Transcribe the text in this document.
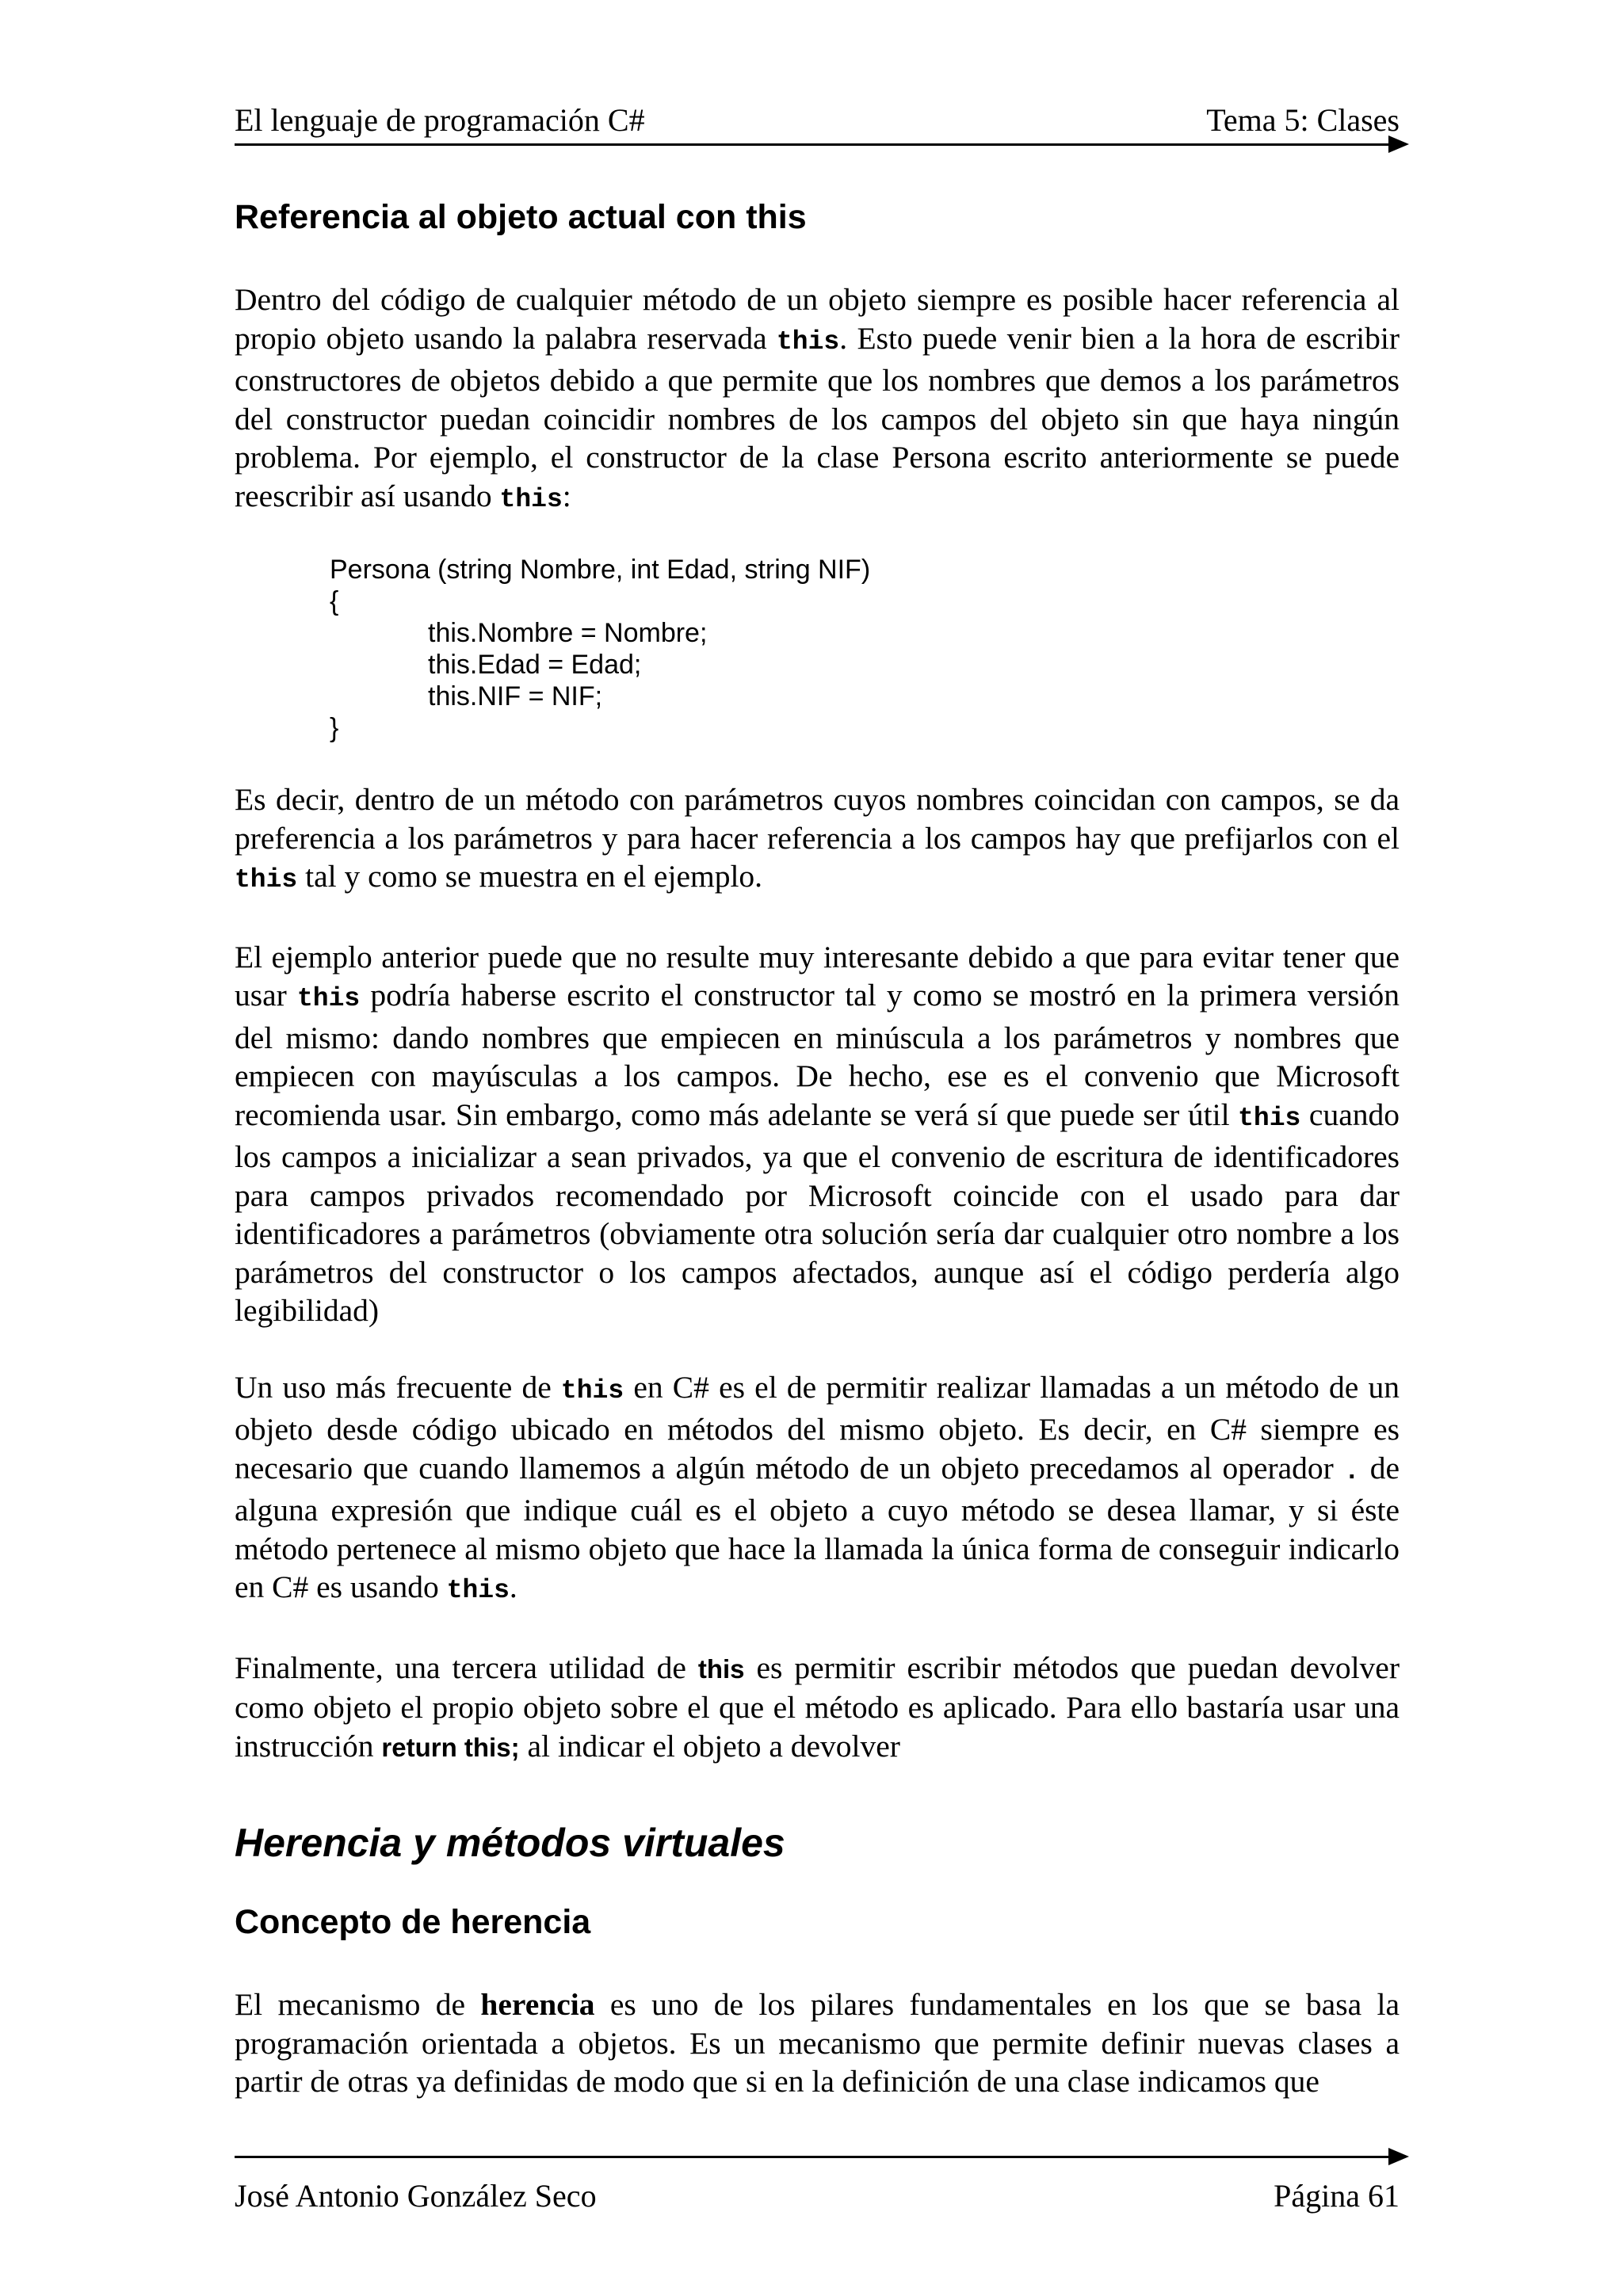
El lenguaje de programación C#	Tema 5: Clases
Referencia al objeto actual con this

Dentro del código de cualquier método de un objeto siempre es posible hacer referencia al propio objeto usando la palabra reservada this. Esto puede venir bien a la hora de escribir constructores de objetos debido a que permite que los nombres que demos a los parámetros del constructor puedan coincidir nombres de los campos del objeto sin que haya ningún problema. Por ejemplo, el constructor de la clase Persona escrito anteriormente se puede reescribir así usando this:

Persona (string Nombre, int Edad, string NIF)
{
this.Nombre = Nombre;
this.Edad = Edad;
this.NIF = NIF;
}

Es decir, dentro de un método con parámetros cuyos nombres coincidan con campos, se da preferencia a los parámetros y para hacer referencia a los campos hay que prefijarlos con el this tal y como se muestra en el ejemplo.

El ejemplo anterior puede que no resulte muy interesante debido a que para evitar tener que usar this podría haberse escrito el constructor tal y como se mostró en la primera versión del mismo: dando nombres que empiecen en minúscula a los parámetros y nombres que empiecen con mayúsculas a los campos. De hecho, ese es el convenio que Microsoft recomienda usar. Sin embargo, como más adelante se verá sí que puede ser útil this cuando los campos a inicializar a sean privados, ya que el convenio de escritura de identificadores para campos privados recomendado por Microsoft coincide con el usado para dar identificadores a parámetros (obviamente otra solución sería dar cualquier otro nombre a los parámetros del constructor o los campos afectados, aunque así el código perdería algo legibilidad)

Un uso más frecuente de this en C# es el de permitir realizar llamadas a un método de un objeto desde código ubicado en métodos del mismo objeto. Es decir, en C# siempre es necesario que cuando llamemos a algún método de un objeto precedamos al operador . de alguna expresión que indique cuál es el objeto a cuyo método se desea llamar, y si éste método pertenece al mismo objeto que hace la llamada la única forma de conseguir indicarlo en C# es usando this.

Finalmente, una tercera utilidad de this es permitir escribir métodos que puedan devolver como objeto el propio objeto sobre el que el método es aplicado. Para ello bastaría usar una instrucción return this; al indicar el objeto a devolver

Herencia y métodos virtuales
Concepto de herencia

El mecanismo de herencia es uno de los pilares fundamentales en los que se basa la programación orientada a objetos. Es un mecanismo que permite definir nuevas clases a partir de otras ya definidas de modo que si en la definición de una clase indicamos que

José Antonio González Seco	Página 61
